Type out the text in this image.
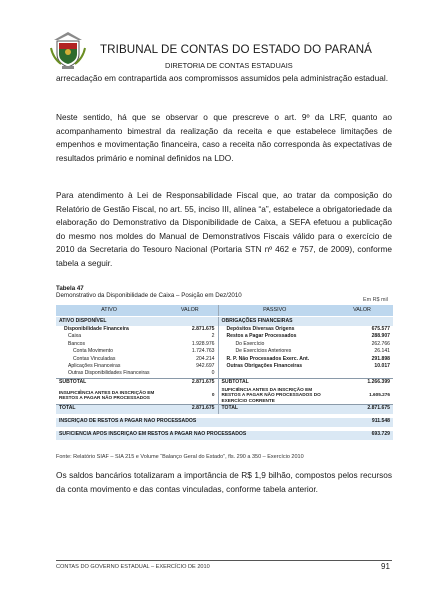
TRIBUNAL DE CONTAS DO ESTADO DO PARANÁ
DIRETORIA DE CONTAS ESTADUAIS

arrecadação em contrapartida aos compromissos assumidos pela administração estadual.

Neste sentido, há que se observar o que prescreve o art. 9º da LRF, quanto ao acompanhamento bimestral da realização da receita e que estabelece limitações de empenhos e movimentação financeira, caso a receita não corresponda às expectativas de resultados primário e nominal definidos na LDO.

Para atendimento à Lei de Responsabilidade Fiscal que, ao tratar da composição do Relatório de Gestão Fiscal, no art. 55, inciso III, alínea “a”, estabelece a obrigatoriedade da elaboração do Demonstrativo da Disponibilidade de Caixa, a SEFA efetuou a publicação do mesmo nos moldes do Manual de Demonstrativos Fiscais válido para o exercício de 2010 da Secretaria do Tesouro Nacional (Portaria STN nº 462 e 757, de 2009), conforme tabela a seguir.

Tabela 47
Demonstrativo da Disponibilidade de Caixa – Posição em Dez/2010
Em R$ mil
ATIVO	VALOR	PASSIVO	VALOR
ATIVO DISPONÍVEL		OBRIGAÇÕES FINANCEIRAS	
Disponibilidade Financeira	2.871.675	Depósitos Diversas Origens	675.577
Caixa	2	Restos a Pagar Processados	288.907
Bancos	1.928.976	Do Exercício	262.766
Conta Movimento	1.724.763	De Exercícios Anteriores	26.141
Contas Vinculadas	204.214	R. P. Não Processados Exerc. Ant.	291.898
Aplicações Financeiras	942.697	Outras Obrigações Financeiras	10.017
Outras Disponibilidades Financeiras	0		
SUBTOTAL	2.871.675	SUBTOTAL	1.266.399
INSUFICIÊNCIA ANTES DA INSCRIÇÃO EM RESTOS A PAGAR NÃO PROCESSADOS	0	SUFICIÊNCIA ANTES DA INSCRIÇÃO EM RESTOS A PAGAR NÃO PROCESSADOS DO EXERCÍCIO CORRENTE	1.605.276
TOTAL	2.871.675	TOTAL	2.871.675

INSCRIÇÃO DE RESTOS A PAGAR NÃO PROCESSADOS			911.548

SUFICIÊNCIA APÓS INSCRIÇÃO EM RESTOS A PAGAR NÃO PROCESSADOS			693.729
Fonte: Relatório SIAF – SIA 215 e Volume “Balanço Geral do Estado”, fls. 290 a 350 – Exercício 2010

Os saldos bancários totalizaram a importância de R$ 1,9 bilhão, compostos pelos recursos da conta movimento e das contas vinculadas, conforme tabela anterior.

CONTAS DO GOVERNO ESTADUAL – EXERCÍCIO DE 2010	91
